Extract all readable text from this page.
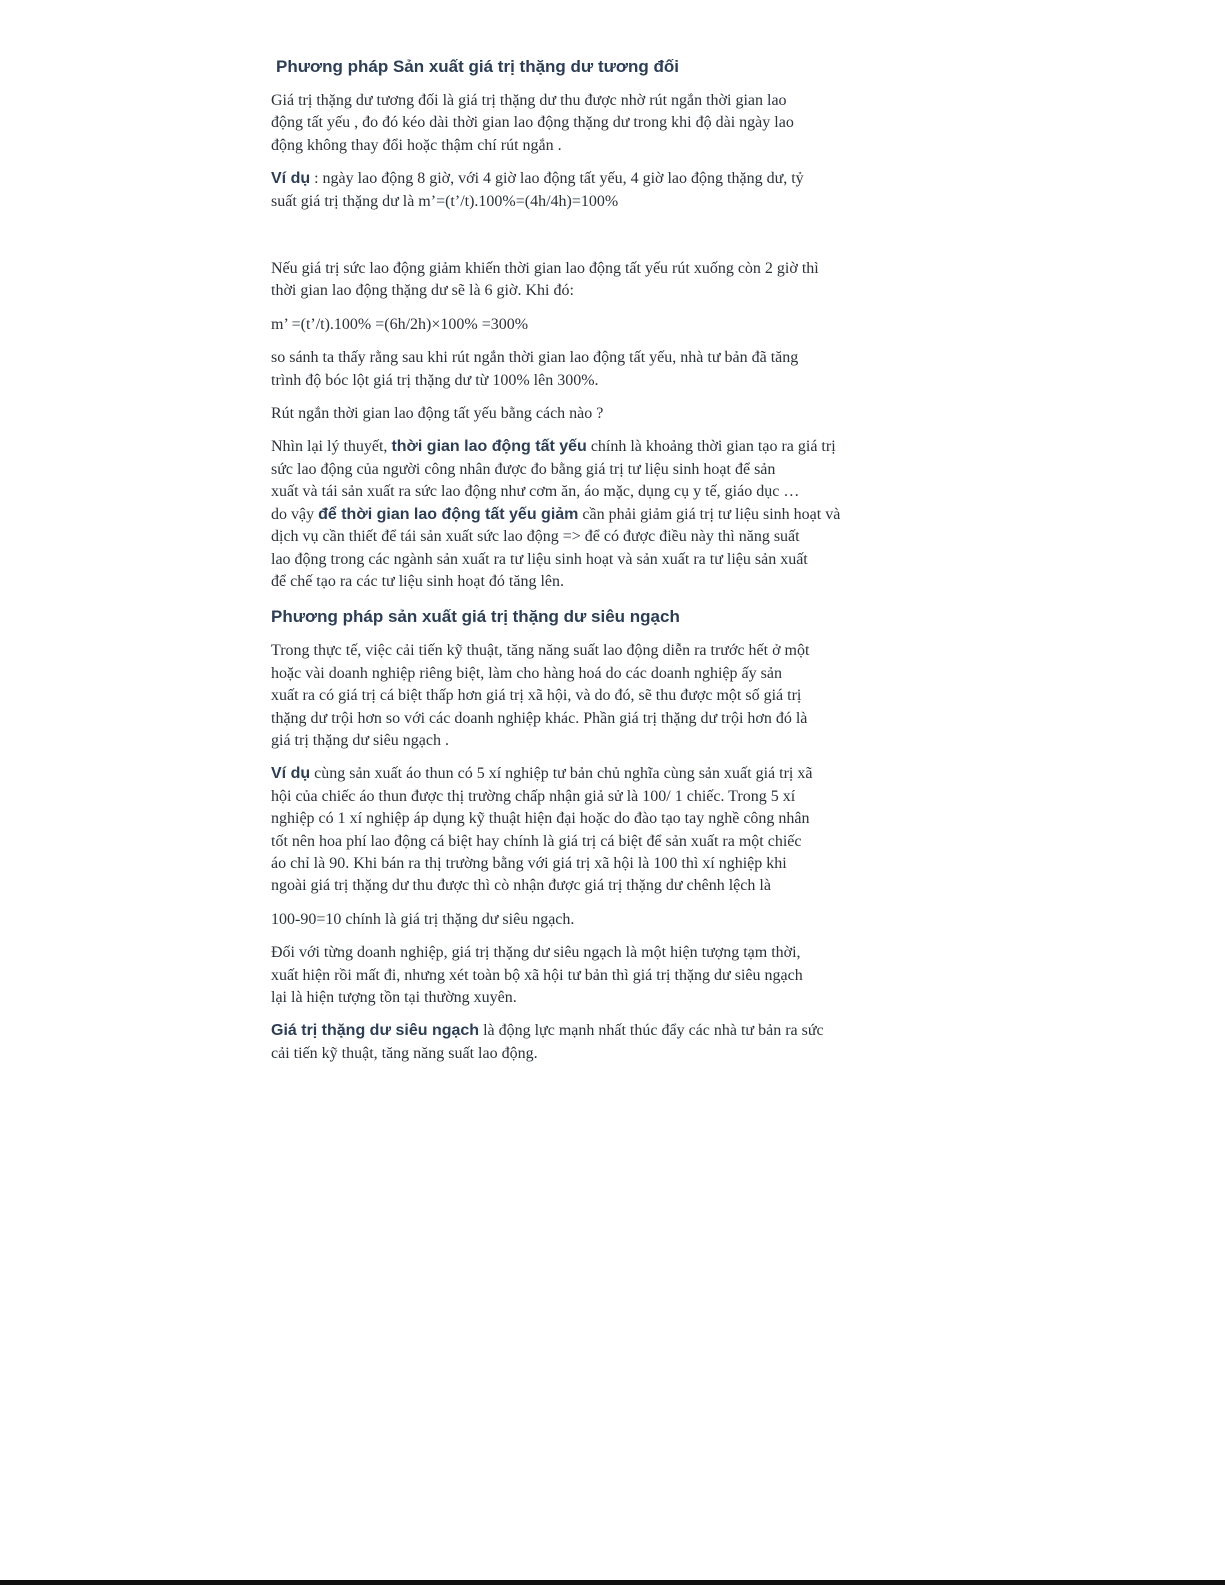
Phương pháp Sản xuất giá trị thặng dư tương đối

Giá trị thặng dư tương đối là giá trị thặng dư thu được nhờ rút ngắn thời gian lao
động tất yếu , đo đó kéo dài thời gian lao động thặng dư trong khi độ dài ngày lao
động không thay đổi hoặc thậm chí rút ngắn .

Ví dụ : ngày lao động 8 giờ, với 4 giờ lao động tất yếu, 4 giờ lao động thặng dư, tỷ
suất giá trị thặng dư là m’=(t’/t).100%=(4h/4h)=100%

Nếu giá trị sức lao động giảm khiến thời gian lao động tất yếu rút xuống còn 2 giờ thì
thời gian lao động thặng dư sẽ là 6 giờ. Khi đó:

m’ =(t’/t).100% =(6h/2h)×100% =300%

so sánh ta thấy rằng sau khi rút ngắn thời gian lao động tất yếu, nhà tư bản đã tăng
trình độ bóc lột giá trị thặng dư từ 100% lên 300%.

Rút ngắn thời gian lao động tất yếu bằng cách nào ?

Nhìn lại lý thuyết, thời gian lao động tất yếu chính là khoảng thời gian tạo ra giá trị
sức lao động của người công nhân được đo bằng giá trị tư liệu sinh hoạt để sản
xuất và tái sản xuất ra sức lao động như cơm ăn, áo mặc, dụng cụ y tế, giáo dục …
do vậy để thời gian lao động tất yếu giảm cần phải giảm giá trị tư liệu sinh hoạt và
dịch vụ cần thiết để tái sản xuất sức lao động => để có được điều này thì năng suất
lao động trong các ngành sản xuất ra tư liệu sinh hoạt và sản xuất ra tư liệu sản xuất
để chế tạo ra các tư liệu sinh hoạt đó tăng lên.

Phương pháp sản xuất giá trị thặng dư siêu ngạch

Trong thực tế, việc cải tiến kỹ thuật, tăng năng suất lao động diễn ra trước hết ở một
hoặc vài doanh nghiệp riêng biệt, làm cho hàng hoá do các doanh nghiệp ấy sản
xuất ra có giá trị cá biệt thấp hơn giá trị xã hội, và do đó, sẽ thu được một số giá trị
thặng dư trội hơn so với các doanh nghiệp khác. Phần giá trị thặng dư trội hơn đó là
giá trị thặng dư siêu ngạch .

Ví dụ cùng sản xuất áo thun có 5 xí nghiệp tư bản chủ nghĩa cùng sản xuất giá trị xã
hội của chiếc áo thun được thị trường chấp nhận giả sử là 100/ 1 chiếc. Trong 5 xí
nghiệp có 1 xí nghiệp áp dụng kỹ thuật hiện đại hoặc do đào tạo tay nghề công nhân
tốt nên hoa phí lao động cá biệt hay chính là giá trị cá biệt để sản xuất ra một chiếc
áo chỉ là 90. Khi bán ra thị trường bằng với giá trị xã hội là 100 thì xí nghiệp khi
ngoài giá trị thặng dư thu được thì cò nhận được giá trị thặng dư chênh lệch là

100-90=10 chính là giá trị thặng dư siêu ngạch.

Đối với từng doanh nghiệp, giá trị thặng dư siêu ngạch là một hiện tượng tạm thời,
xuất hiện rồi mất đi, nhưng xét toàn bộ xã hội tư bản thì giá trị thặng dư siêu ngạch
lại là hiện tượng tồn tại thường xuyên.

Giá trị thặng dư siêu ngạch là động lực mạnh nhất thúc đẩy các nhà tư bản ra sức
cải tiến kỹ thuật, tăng năng suất lao động.
